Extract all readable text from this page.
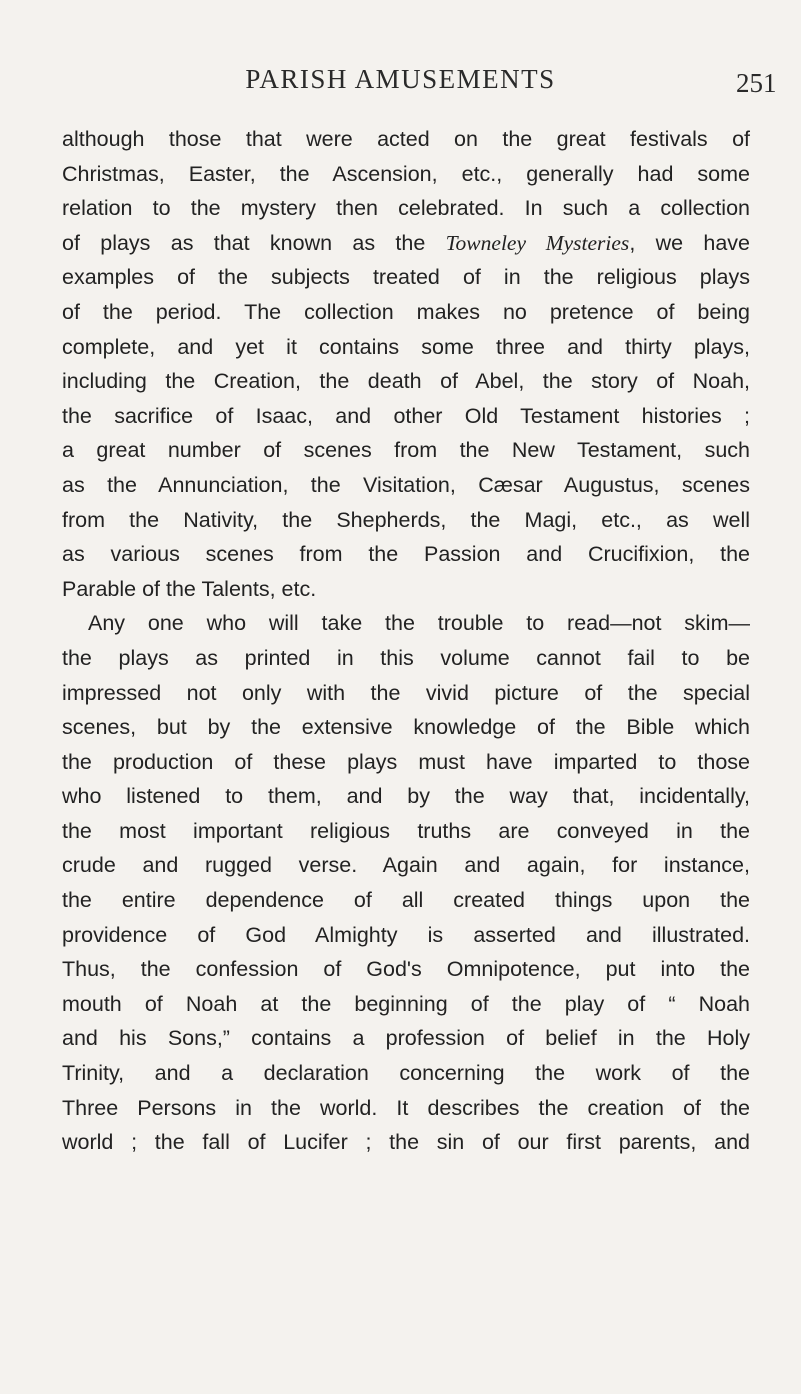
PARISH AMUSEMENTS	251

although those that were acted on the great festivals of
Christmas, Easter, the Ascension, etc., generally had some
relation to the mystery then celebrated. In such a collection
of plays as that known as the Towneley Mysteries, we have
examples of the subjects treated of in the religious plays
of the period. The collection makes no pretence of being
complete, and yet it contains some three and thirty plays,
including the Creation, the death of Abel, the story of Noah,
the sacrifice of Isaac, and other Old Testament histories ;
a great number of scenes from the New Testament, such
as the Annunciation, the Visitation, Cæsar Augustus, scenes
from the Nativity, the Shepherds, the Magi, etc., as well
as various scenes from the Passion and Crucifixion, the
Parable of the Talents, etc.

Any one who will take the trouble to read—not skim—
the plays as printed in this volume cannot fail to be
impressed not only with the vivid picture of the special
scenes, but by the extensive knowledge of the Bible which
the production of these plays must have imparted to those
who listened to them, and by the way that, incidentally,
the most important religious truths are conveyed in the
crude and rugged verse. Again and again, for instance,
the entire dependence of all created things upon the
providence of God Almighty is asserted and illustrated.
Thus, the confession of God's Omnipotence, put into the
mouth of Noah at the beginning of the play of “ Noah
and his Sons,” contains a profession of belief in the Holy
Trinity, and a declaration concerning the work of the
Three Persons in the world. It describes the creation of the
world ; the fall of Lucifer ; the sin of our first parents, and
